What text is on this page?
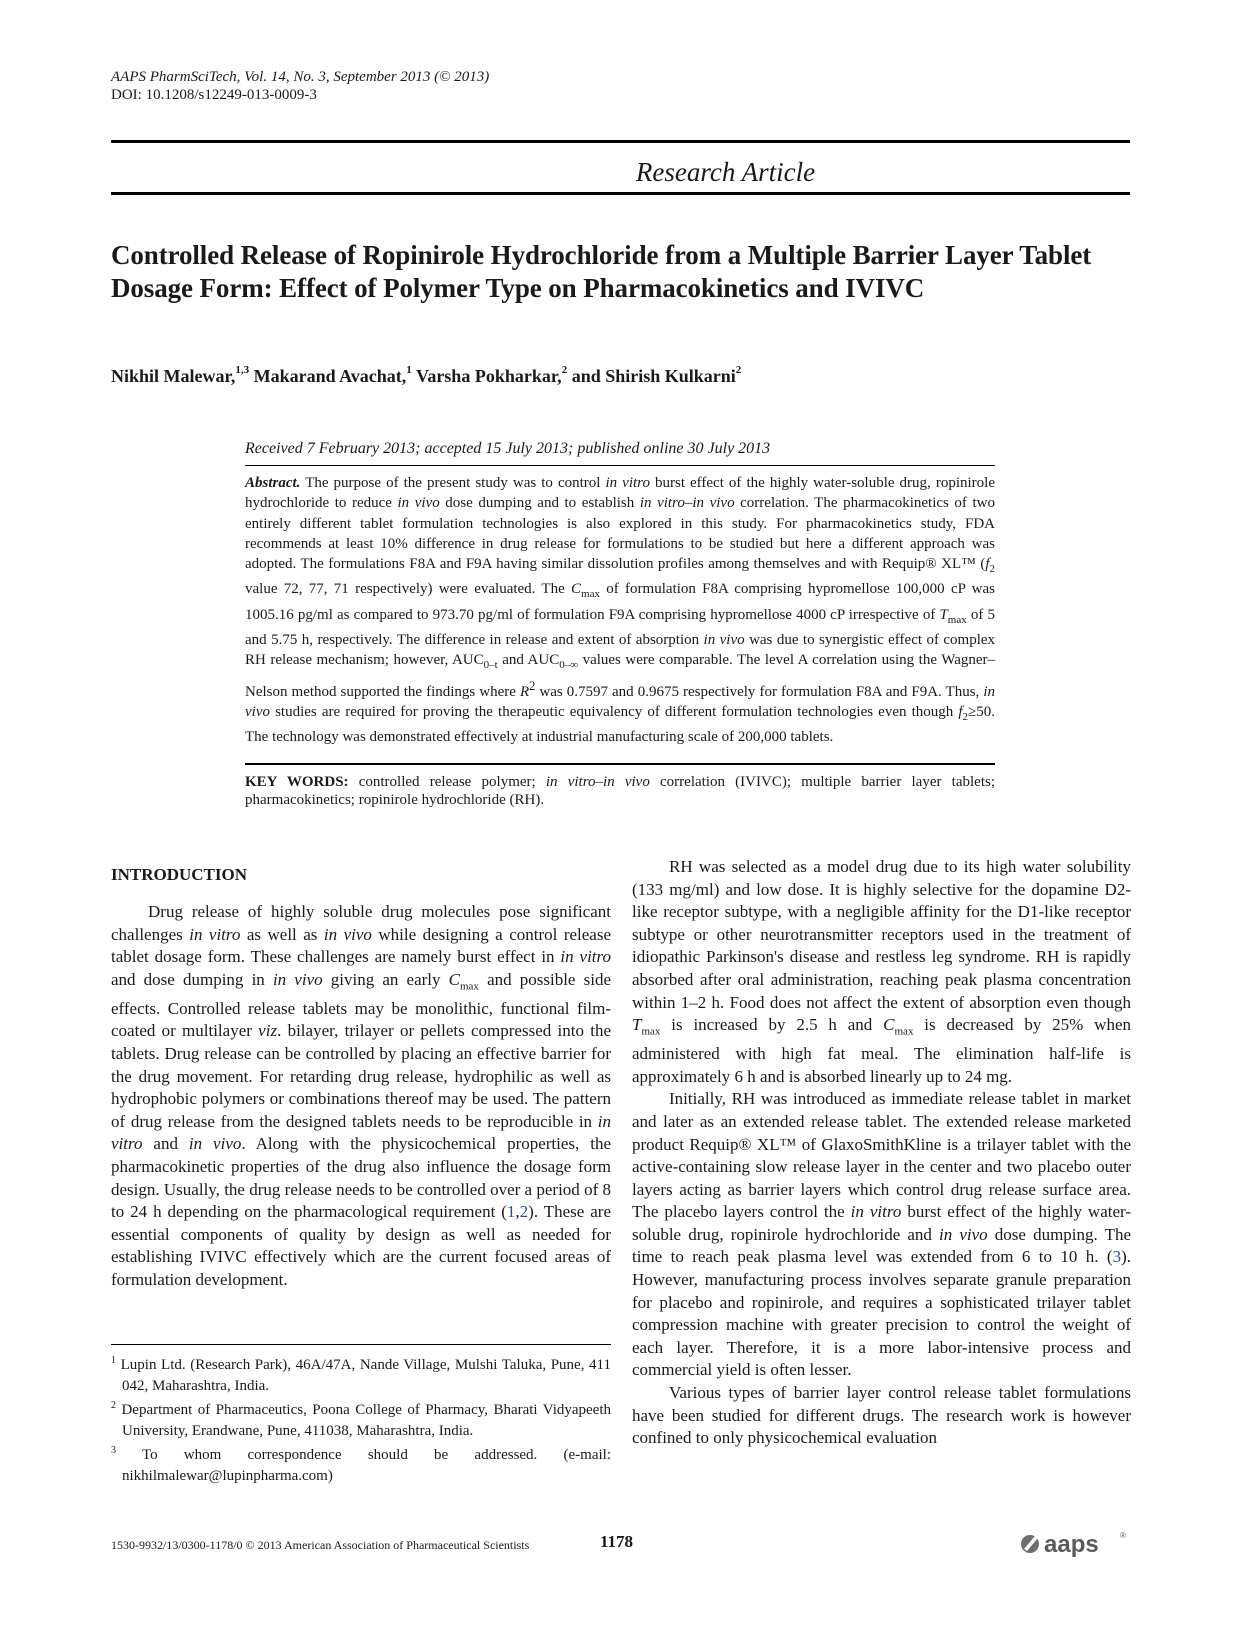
AAPS PharmSciTech, Vol. 14, No. 3, September 2013 (© 2013)
DOI: 10.1208/s12249-013-0009-3
Research Article
Controlled Release of Ropinirole Hydrochloride from a Multiple Barrier Layer Tablet Dosage Form: Effect of Polymer Type on Pharmacokinetics and IVIVC
Nikhil Malewar,$^{1,3}$ Makarand Avachat,$^1$ Varsha Pokharkar,$^2$ and Shirish Kulkarni$^2$
Received 7 February 2013; accepted 15 July 2013; published online 30 July 2013
Abstract. The purpose of the present study was to control in vitro burst effect of the highly water-soluble drug, ropinirole hydrochloride to reduce in vivo dose dumping and to establish in vitro–in vivo correlation. The pharmacokinetics of two entirely different tablet formulation technologies is also explored in this study. For pharmacokinetics study, FDA recommends at least 10% difference in drug release for formulations to be studied but here a different approach was adopted. The formulations F8A and F9A having similar dissolution profiles among themselves and with Requip® XL™ ($f_2$ value 72, 77, 71 respectively) were evaluated. The $C_{max}$ of formulation F8A comprising hypromellose 100,000 cP was 1005.16 pg/ml as compared to 973.70 pg/ml of formulation F9A comprising hypromellose 4000 cP irrespective of $T_{max}$ of 5 and 5.75 h, respectively. The difference in release and extent of absorption in vivo was due to synergistic effect of complex RH release mechanism; however, $AUC_{0-t}$ and $AUC_{0-\infty}$ values were comparable. The level A correlation using the Wagner–Nelson method supported the findings where $R^2$ was 0.7597 and 0.9675 respectively for formulation F8A and F9A. Thus, in vivo studies are required for proving the therapeutic equivalency of different formulation technologies even though $f_2\ge 50$. The technology was demonstrated effectively at industrial manufacturing scale of 200,000 tablets.
KEY WORDS: controlled release polymer; in vitro–in vivo correlation (IVIVC); multiple barrier layer tablets; pharmacokinetics; ropinirole hydrochloride (RH).
INTRODUCTION

Drug release of highly soluble drug molecules pose significant challenges in vitro as well as in vivo while designing a control release tablet dosage form. These challenges are namely burst effect in in vitro and dose dumping in in vivo giving an early $C_{max}$ and possible side effects. Controlled release tablets may be monolithic, functional film-coated or multilayer viz. bilayer, trilayer or pellets compressed into the tablets. Drug release can be controlled by placing an effective barrier for the drug movement. For retarding drug release, hydrophilic as well as hydrophobic polymers or combinations thereof may be used. The pattern of drug release from the designed tablets needs to be reproducible in in vitro and in vivo. Along with the physicochemical properties, the pharmacokinetic properties of the drug also influence the dosage form design. Usually, the drug release needs to be controlled over a period of 8 to 24 h depending on the pharmacological requirement (1,2). These are essential components of quality by design as well as needed for establishing IVIVC effectively which are the current focused areas of formulation development.

$^1$ Lupin Ltd. (Research Park), 46A/47A, Nande Village, Mulshi Taluka, Pune, 411 042, Maharashtra, India.

$^2$ Department of Pharmaceutics, Poona College of Pharmacy, Bharati Vidyapeeth University, Erandwane, Pune, 411038, Maharashtra, India.

$^3$ To whom correspondence should be addressed. (e-mail: nikhilmalewar@lupinpharma.com)

RH was selected as a model drug due to its high water solubility (133 mg/ml) and low dose. It is highly selective for the dopamine D2-like receptor subtype, with a negligible affinity for the D1-like receptor subtype or other neurotransmitter receptors used in the treatment of idiopathic Parkinson's disease and restless leg syndrome. RH is rapidly absorbed after oral administration, reaching peak plasma concentration within 1–2 h. Food does not affect the extent of absorption even though $T_{max}$ is increased by 2.5 h and $C_{max}$ is decreased by 25% when administered with high fat meal. The elimination half-life is approximately 6 h and is absorbed linearly up to 24 mg.

Initially, RH was introduced as immediate release tablet in market and later as an extended release tablet. The extended release marketed product Requip® XL™ of GlaxoSmithKline is a trilayer tablet with the active-containing slow release layer in the center and two placebo outer layers acting as barrier layers which control drug release surface area. The placebo layers control the in vitro burst effect of the highly water-soluble drug, ropinirole hydrochloride and in vivo dose dumping. The time to reach peak plasma level was extended from 6 to 10 h. (3). However, manufacturing process involves separate granule preparation for placebo and ropinirole, and requires a sophisticated trilayer tablet compression machine with greater precision to control the weight of each layer. Therefore, it is a more labor-intensive process and commercial yield is often lesser.

Various types of barrier layer control release tablet formulations have been studied for different drugs. The research work is however confined to only physicochemical evaluation

1530-9932/13/0300-1178/0 © 2013 American Association of Pharmaceutical Scientists	1178	aaps	®
